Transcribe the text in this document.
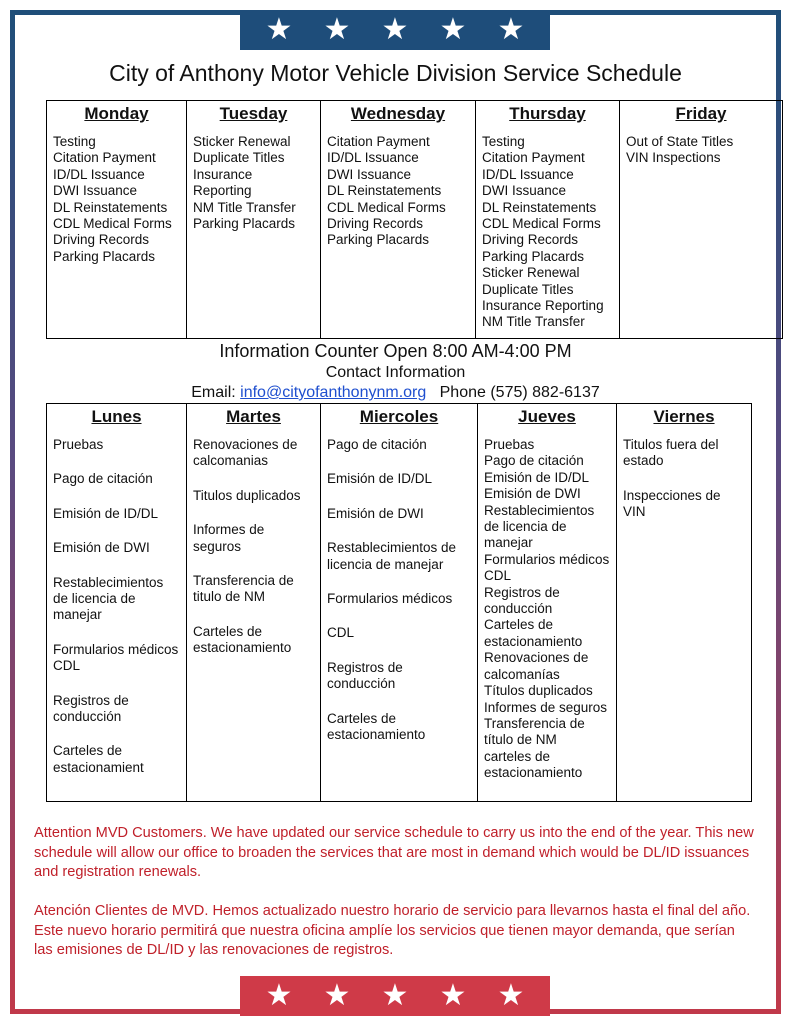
★ ★ ★ ★ ★
City of Anthony Motor Vehicle Division Service Schedule
Monday
Testing
Citation Payment
ID/DL Issuance
DWI Issuance
DL Reinstatements
CDL Medical Forms
Driving Records
Parking Placards

Tuesday
Sticker Renewal
Duplicate Titles
Insurance
Reporting
NM Title Transfer
Parking Placards

Wednesday
Citation Payment
ID/DL Issuance
DWI Issuance
DL Reinstatements
CDL Medical Forms
Driving Records
Parking Placards

Thursday
Testing
Citation Payment
ID/DL Issuance
DWI Issuance
DL Reinstatements
CDL Medical Forms
Driving Records
Parking Placards
Sticker Renewal
Duplicate Titles
Insurance Reporting
NM Title Transfer

Friday
Out of State Titles
VIN Inspections
Information Counter Open 8:00 AM-4:00 PM
Contact Information
Email: info@cityofanthonynm.org Phone (575) 882-6137
Lunes
Pruebas
Pago de citación
Emisión de ID/DL
Emisión de DWI
Restablecimientos de licencia de manejar
Formularios médicos CDL
Registros de conducción
Carteles de estacionamient

Martes
Renovaciones de calcomanias
Titulos duplicados
Informes de seguros
Transferencia de titulo de NM
Carteles de estacionamiento

Miercoles
Pago de citación
Emisión de ID/DL
Emisión de DWI
Restablecimientos de licencia de manejar
Formularios médicos
CDL
Registros de conducción
Carteles de estacionamiento

Jueves
Pruebas
Pago de citación
Emisión de ID/DL
Emisión de DWI
Restablecimientos de licencia de manejar
Formularios médicos CDL
Registros de conducción
Carteles de estacionamiento
Renovaciones de calcomanías
Títulos duplicados
Informes de seguros
Transferencia de título de NM
carteles de estacionamiento

Viernes
Titulos fuera del estado
Inspecciones de VIN
Attention MVD Customers. We have updated our service schedule to carry us into the end of the year. This new schedule will allow our office to broaden the services that are most in demand which would be DL/ID issuances and registration renewals.
Atención Clientes de MVD. Hemos actualizado nuestro horario de servicio para llevarnos hasta el final del año. Este nuevo horario permitirá que nuestra oficina amplíe los servicios que tienen mayor demanda, que serían las emisiones de DL/ID y las renovaciones de registros.
★ ★ ★ ★ ★
